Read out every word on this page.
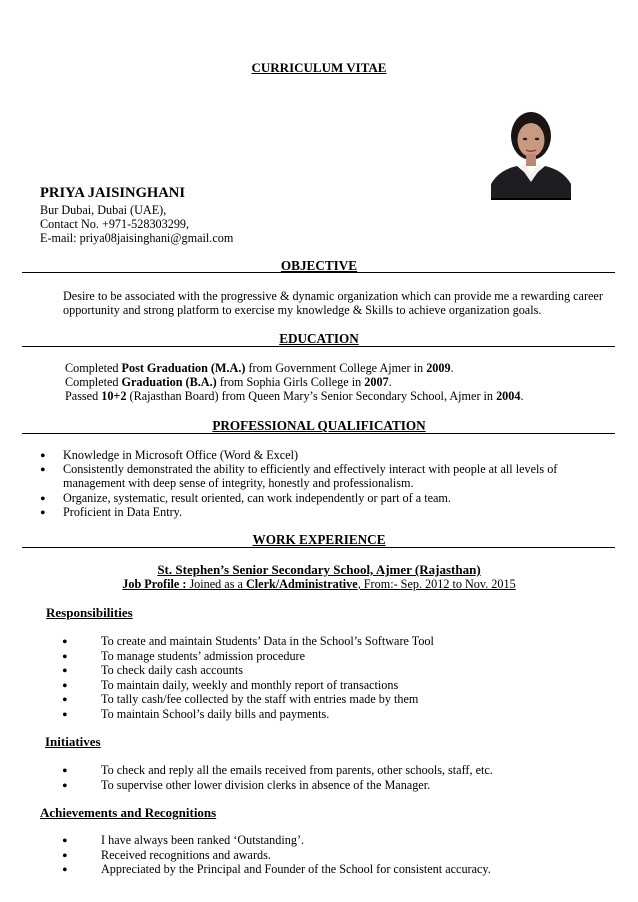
CURRICULUM VITAE
PRIYA JAISINGHANI
Bur Dubai, Dubai (UAE),
Contact No. +971-528303299,
E-mail: priya08jaisinghani@gmail.com
OBJECTIVE
Desire to be associated with the progressive & dynamic organization which can provide me a rewarding career
opportunity and strong platform to exercise my knowledge & Skills to achieve organization goals.
EDUCATION
Completed Post Graduation (M.A.) from Government College Ajmer in 2009.
Completed Graduation (B.A.) from Sophia Girls College in 2007.
Passed 10+2 (Rajasthan Board) from Queen Mary’s Senior Secondary School, Ajmer in 2004.
PROFESSIONAL QUALIFICATION
• Knowledge in Microsoft Office (Word & Excel)
• Consistently demonstrated the ability to efficiently and effectively interact with people at all levels of
management with deep sense of integrity, honestly and professionalism.
• Organize, systematic, result oriented, can work independently or part of a team.
• Proficient in Data Entry.
WORK EXPERIENCE
St. Stephen’s Senior Secondary School, Ajmer (Rajasthan)
Job Profile : Joined as a Clerk/Administrative, From:- Sep. 2012 to Nov. 2015
Responsibilities
•	To create and maintain Students’ Data in the School’s Software Tool
•	To manage students’ admission procedure
•	To check daily cash accounts
•	To maintain daily, weekly and monthly report of transactions
•	To tally cash/fee collected by the staff with entries made by them
•	To maintain School’s daily bills and payments.
Initiatives
•	To check and reply all the emails received from parents, other schools, staff, etc.
•	To supervise other lower division clerks in absence of the Manager.
Achievements and Recognitions
•	I have always been ranked ‘Outstanding’.
•	Received recognitions and awards.
•	Appreciated by the Principal and Founder of the School for consistent accuracy.
